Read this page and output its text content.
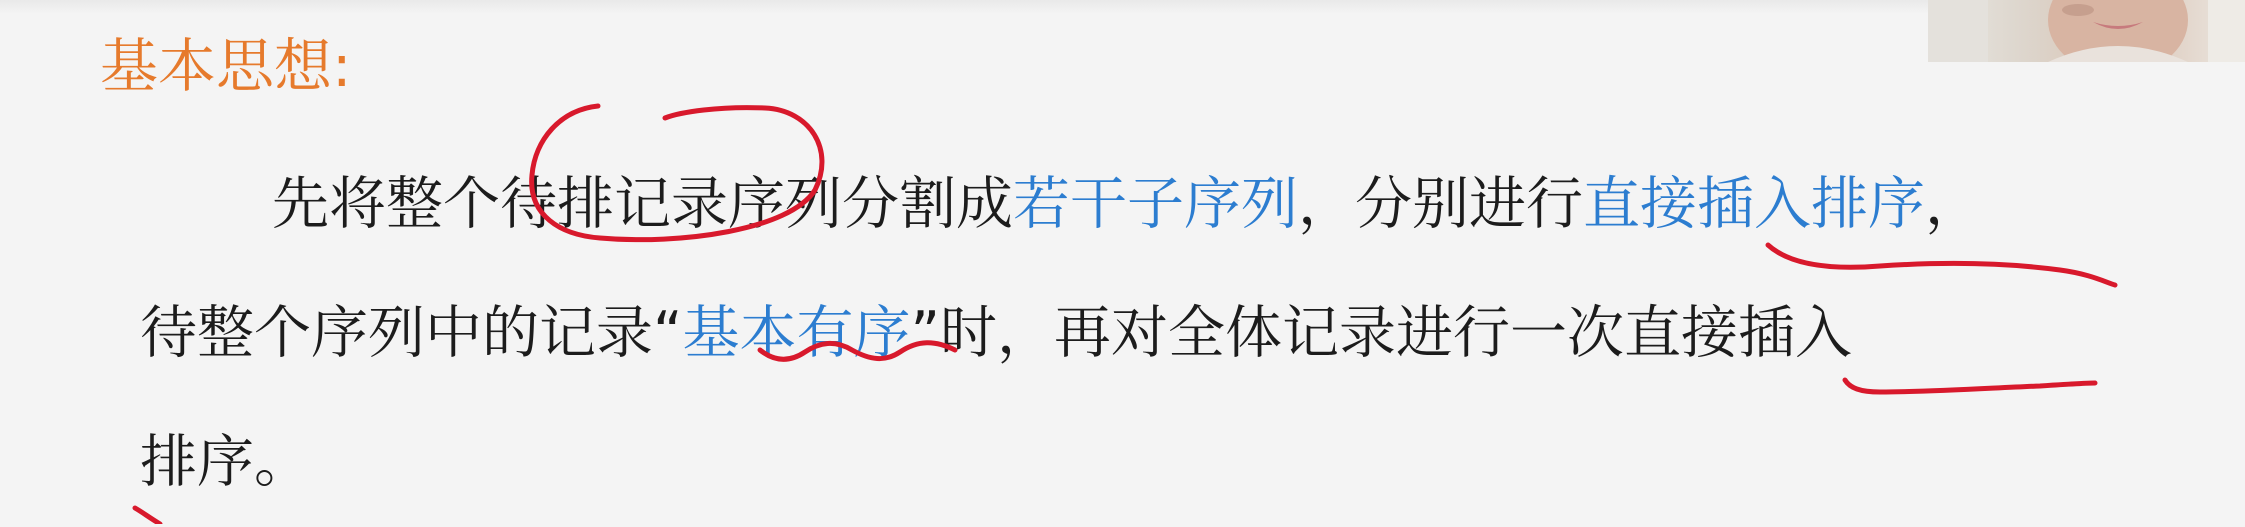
基本思想:
先将整个待排记录序列分割成若干子序列，分别进行直接插入排序，
待整个序列中的记录“基本有序”时，再对全体记录进行一次直接插入
排序。
